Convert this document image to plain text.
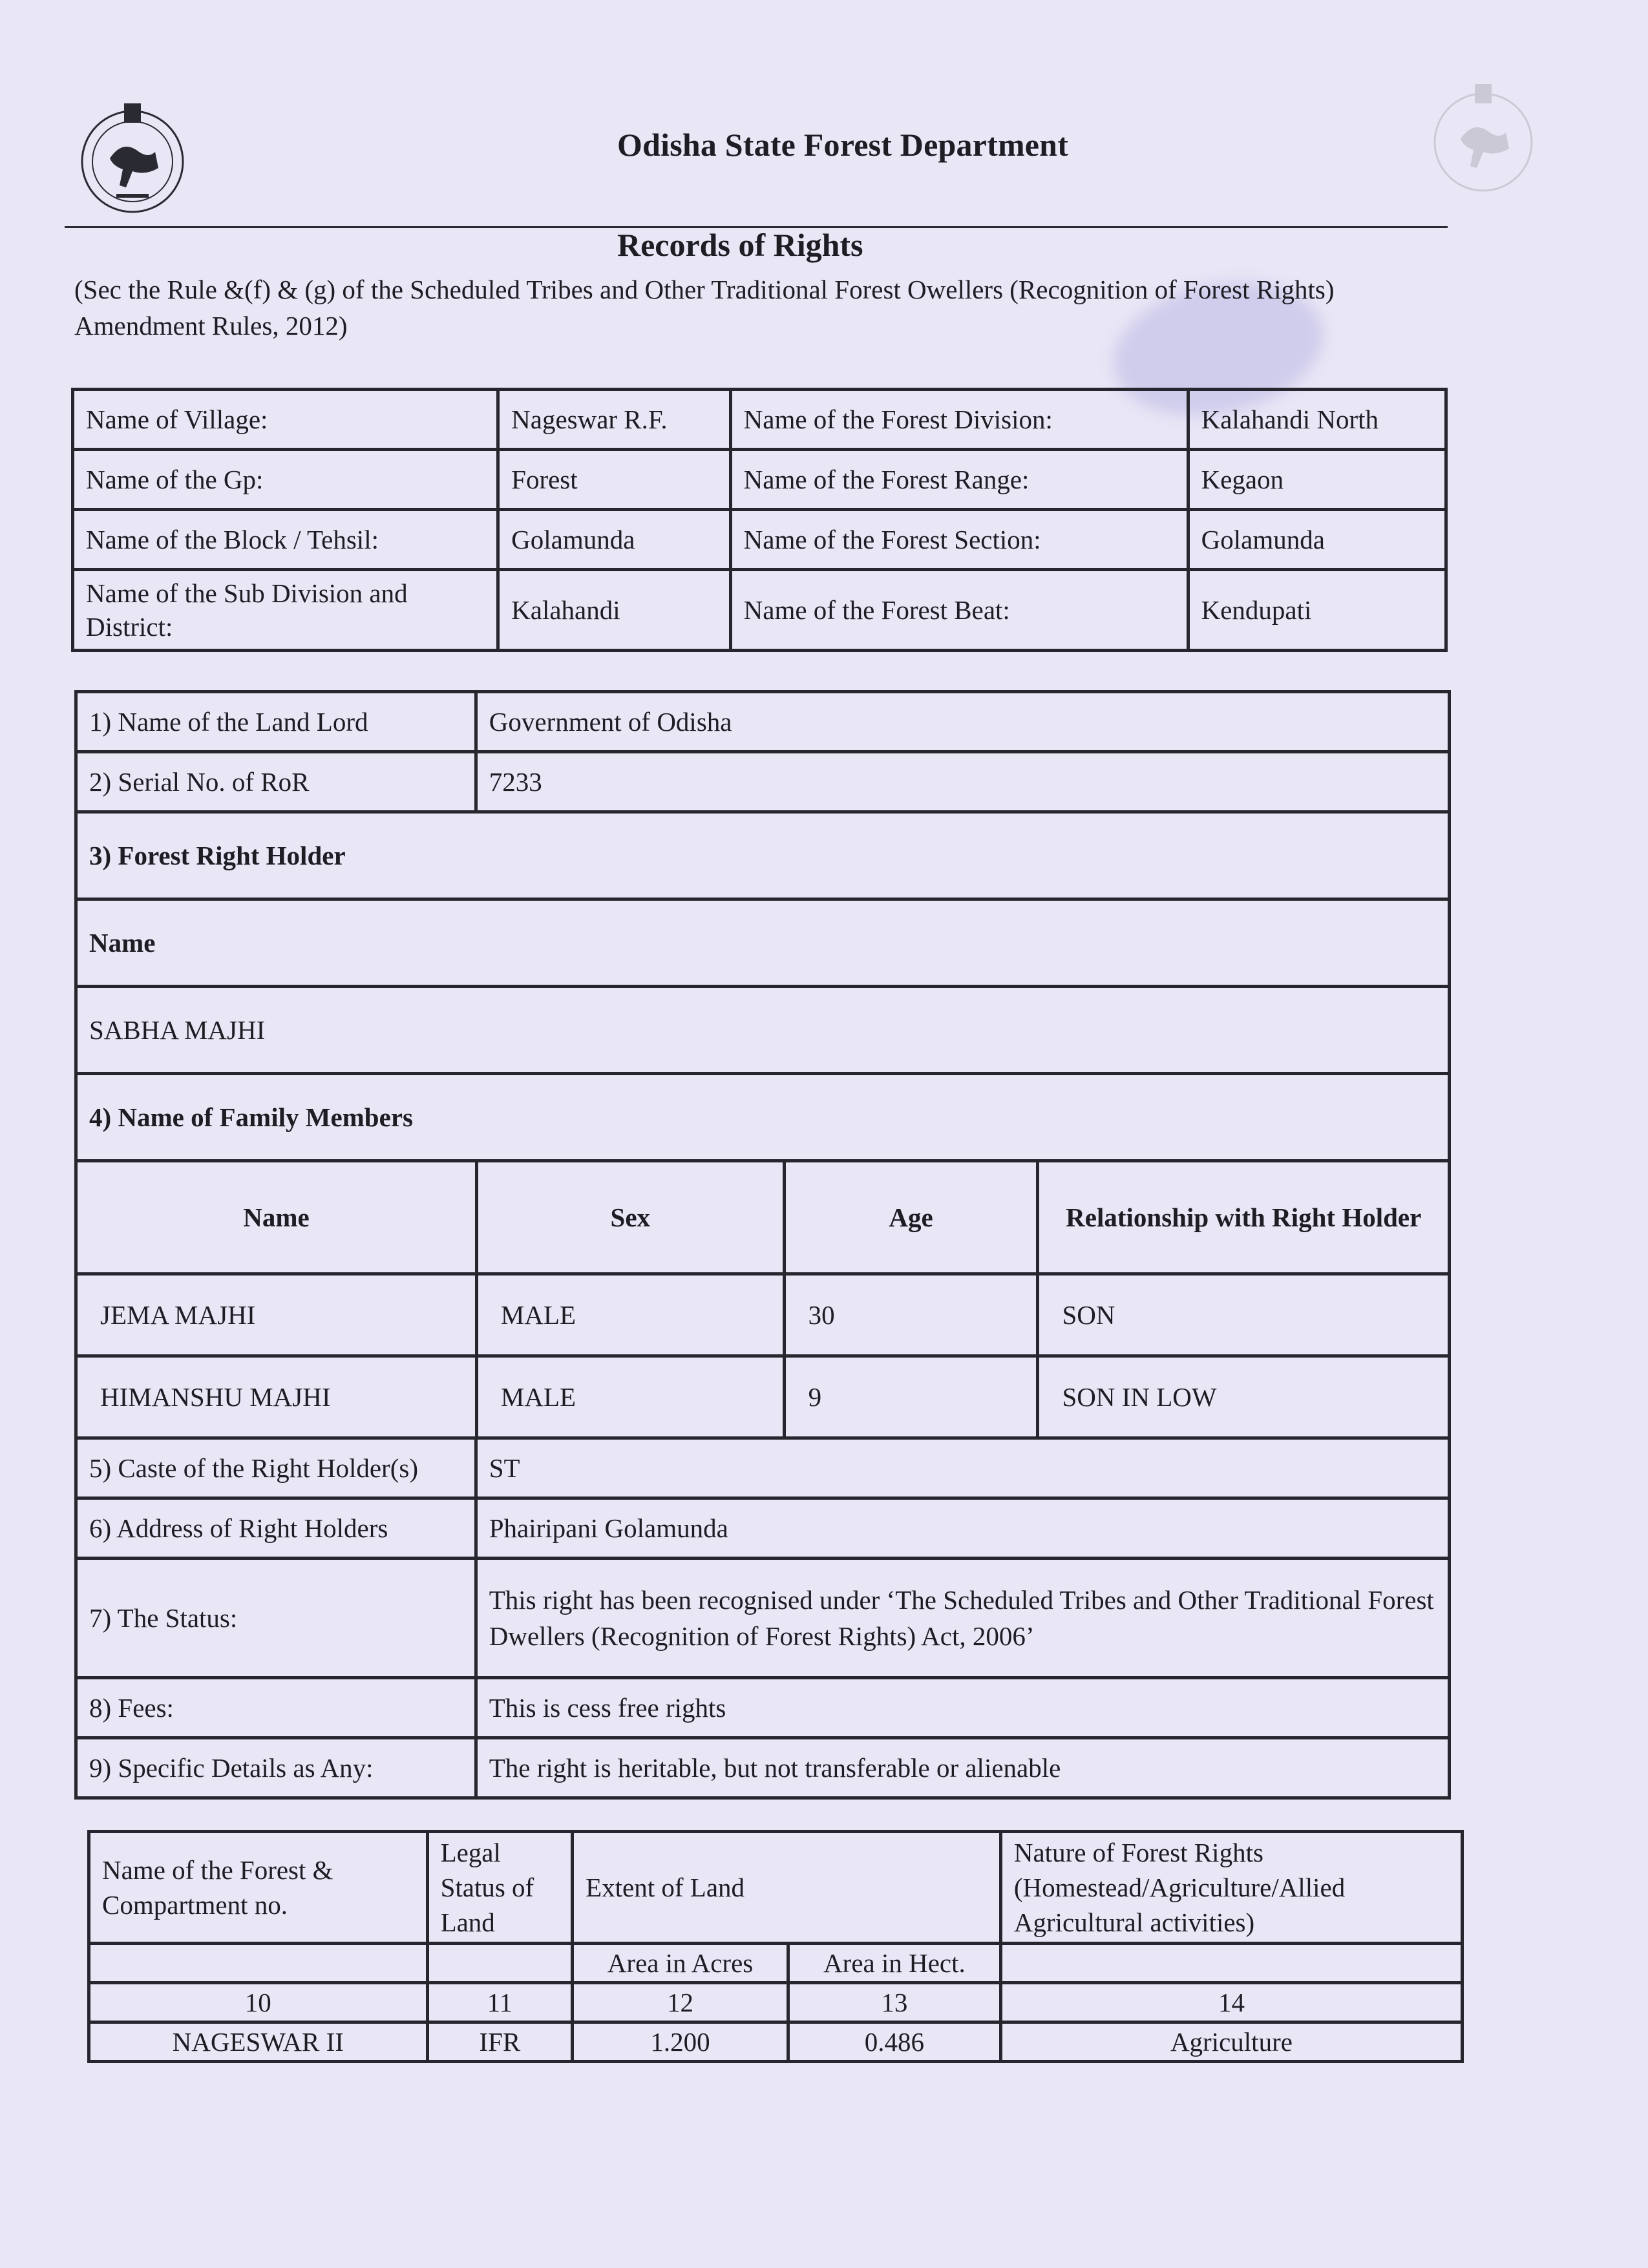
Odisha State Forest Department
Records of Rights
(Sec the Rule &(f) & (g) of the Scheduled Tribes and Other Traditional Forest Owellers (Recognition of Forest Rights) Amendment Rules, 2012)
Name of Village:	Nageswar R.F.	Name of the Forest Division:	Kalahandi North
Name of the Gp:	Forest	Name of the Forest Range:	Kegaon
Name of the Block / Tehsil:	Golamunda	Name of the Forest Section:	Golamunda
Name of the Sub Division and District:	Kalahandi	Name of the Forest Beat:	Kendupati
1) Name of the Land Lord	Government of Odisha
2) Serial No. of RoR	7233
3) Forest Right Holder
Name
SABHA MAJHI
4) Name of Family Members

Name	Sex	Age	Relationship with Right Holder
JEMA MAJHI	MALE	30	SON
HIMANSHU MAJHI	MALE	9	SON IN LOW

5) Caste of the Right Holder(s)	ST
6) Address of Right Holders	Phairipani Golamunda
7) The Status:	This right has been recognised under ‘The Scheduled Tribes and Other Traditional Forest Dwellers (Recognition of Forest Rights) Act, 2006’
8) Fees:	This is cess free rights
9) Specific Details as Any:	The right is heritable, but not transferable or alienable
Name of the Forest & Compartment no.	Legal Status of Land	Extent of Land		Nature of Forest Rights (Homestead/Agriculture/Allied Agricultural activities)
		Area in Acres	Area in Hect.	
10	11	12	13	14
NAGESWAR II	IFR	1.200	0.486	Agriculture
